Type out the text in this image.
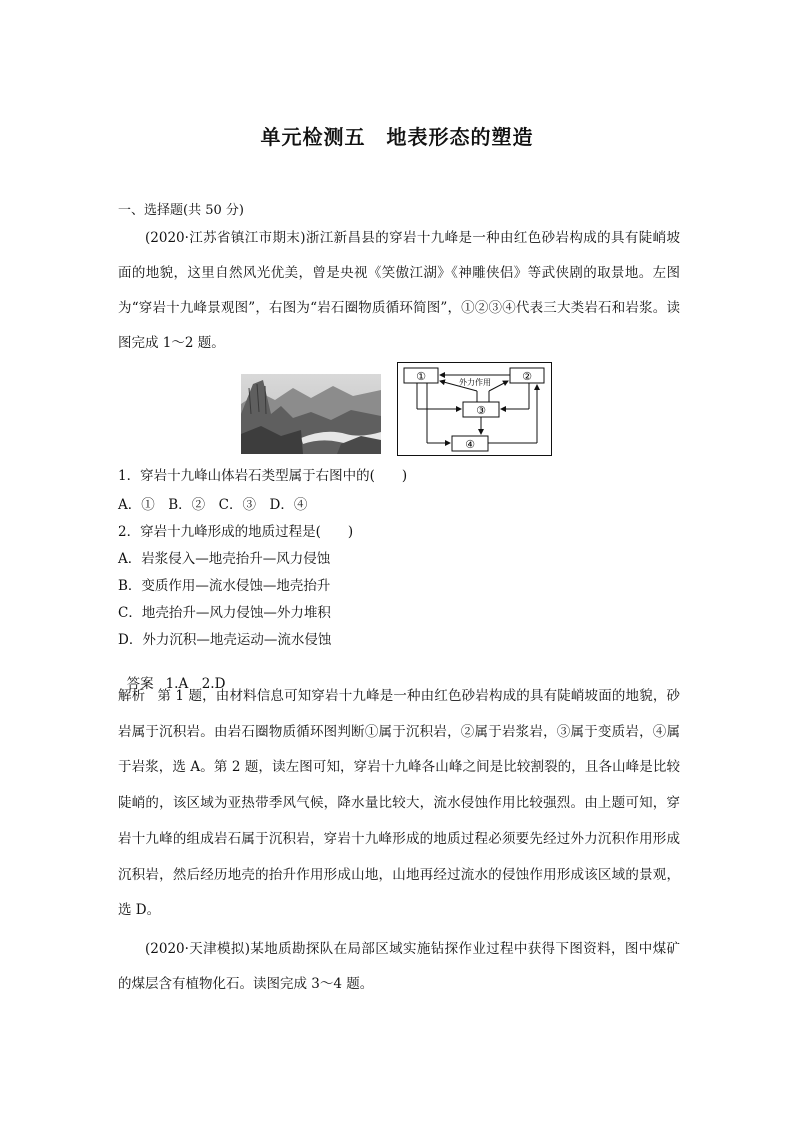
单元检测五　地表形态的塑造
一、选择题(共 50 分)
(2020·江苏省镇江市期末)浙江新昌县的穿岩十九峰是一种由红色砂岩构成的具有陡峭坡面的地貌，这里自然风光优美，曾是央视《笑傲江湖》《神雕侠侣》等武侠剧的取景地。左图为“穿岩十九峰景观图”，右图为“岩石圈物质循环简图”，①②③④代表三大类岩石和岩浆。读图完成 1～2 题。
①	②
③
④
外力作用
1．穿岩十九峰山体岩石类型属于右图中的(　　)
A．①　B．②　C．③　D．④
2．穿岩十九峰形成的地质过程是(　　)
A．岩浆侵入—地壳抬升—风力侵蚀
B．变质作用—流水侵蚀—地壳抬升
C．地壳抬升—风力侵蚀—外力堆积
D．外力沉积—地壳运动—流水侵蚀

答案 1.A　2.D

解析 第 1 题，由材料信息可知穿岩十九峰是一种由红色砂岩构成的具有陡峭坡面的地貌，砂岩属于沉积岩。由岩石圈物质循环图判断①属于沉积岩，②属于岩浆岩，③属于变质岩，④属于岩浆，选 A。第 2 题，读左图可知，穿岩十九峰各山峰之间是比较割裂的，且各山峰是比较陡峭的，该区域为亚热带季风气候，降水量比较大，流水侵蚀作用比较强烈。由上题可知，穿岩十九峰的组成岩石属于沉积岩，穿岩十九峰形成的地质过程必须要先经过外力沉积作用形成沉积岩，然后经历地壳的抬升作用形成山地，山地再经过流水的侵蚀作用形成该区域的景观，选 D。
(2020·天津模拟)某地质勘探队在局部区域实施钻探作业过程中获得下图资料，图中煤矿的煤层含有植物化石。读图完成 3～4 题。
